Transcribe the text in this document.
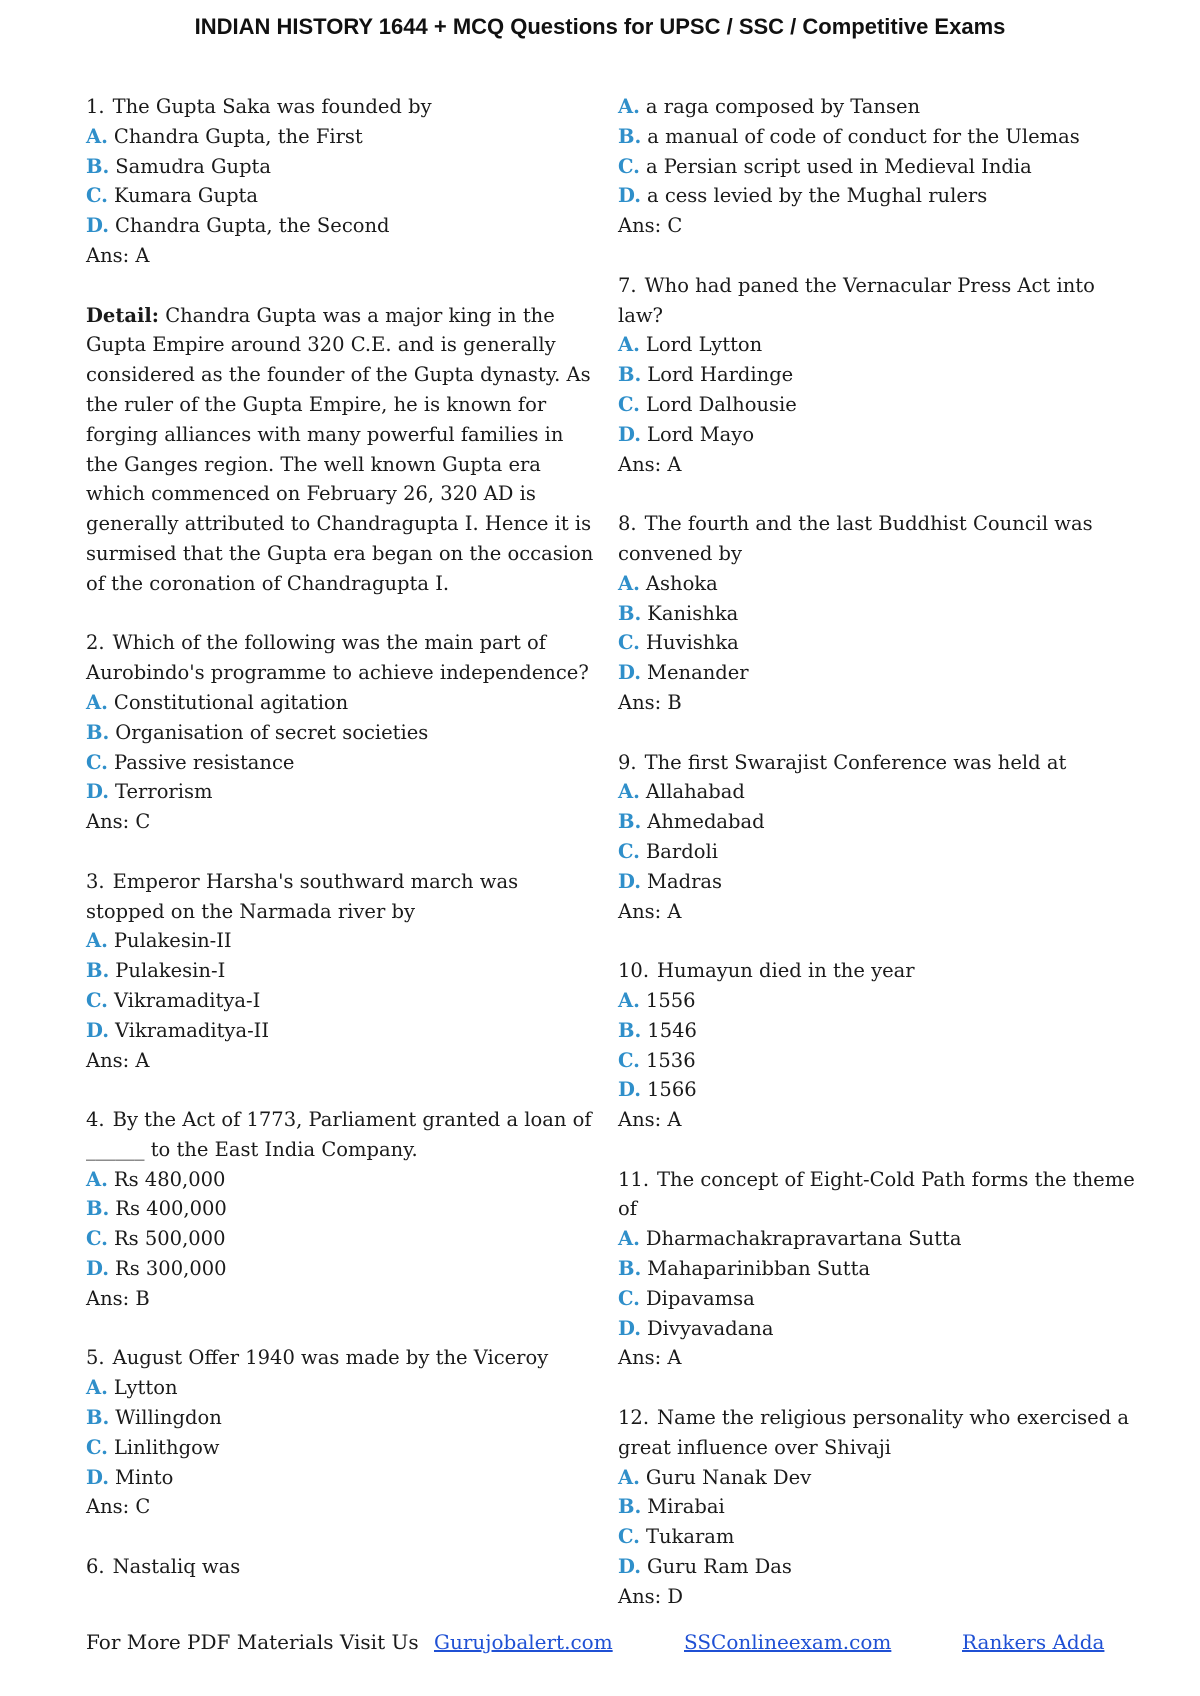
INDIAN HISTORY 1644 + MCQ Questions for UPSC / SSC / Competitive Exams
1. The Gupta Saka was founded by
A. Chandra Gupta, the First
B. Samudra Gupta
C. Kumara Gupta
D. Chandra Gupta, the Second
Ans: A
Detail: Chandra Gupta was a major king in the Gupta Empire around 320 C.E. and is generally considered as the founder of the Gupta dynasty. As the ruler of the Gupta Empire, he is known for forging alliances with many powerful families in the Ganges region. The well known Gupta era which commenced on February 26, 320 AD is generally attributed to Chandragupta I. Hence it is surmised that the Gupta era began on the occasion of the coronation of Chandragupta I.
2. Which of the following was the main part of Aurobindo's programme to achieve independence?
A. Constitutional agitation
B. Organisation of secret societies
C. Passive resistance
D. Terrorism
Ans: C
3. Emperor Harsha's southward march was stopped on the Narmada river by
A. Pulakesin-II
B. Pulakesin-I
C. Vikramaditya-I
D. Vikramaditya-II
Ans: A
4. By the Act of 1773, Parliament granted a loan of ______ to the East India Company.
A. Rs 480,000
B. Rs 400,000
C. Rs 500,000
D. Rs 300,000
Ans: B
5. August Offer 1940 was made by the Viceroy
A. Lytton
B. Willingdon
C. Linlithgow
D. Minto
Ans: C
6. Nastaliq was
A. a raga composed by Tansen
B. a manual of code of conduct for the Ulemas
C. a Persian script used in Medieval India
D. a cess levied by the Mughal rulers
Ans: C
7. Who had paned the Vernacular Press Act into law?
A. Lord Lytton
B. Lord Hardinge
C. Lord Dalhousie
D. Lord Mayo
Ans: A
8. The fourth and the last Buddhist Council was convened by
A. Ashoka
B. Kanishka
C. Huvishka
D. Menander
Ans: B
9. The first Swarajist Conference was held at
A. Allahabad
B. Ahmedabad
C. Bardoli
D. Madras
Ans: A
10. Humayun died in the year
A. 1556
B. 1546
C. 1536
D. 1566
Ans: A
11. The concept of Eight-Cold Path forms the theme of
A. Dharmachakrapravartana Sutta
B. Mahaparinibban Sutta
C. Dipavamsa
D. Divyavadana
Ans: A
12. Name the religious personality who exercised a great influence over Shivaji
A. Guru Nanak Dev
B. Mirabai
C. Tukaram
D. Guru Ram Das
Ans: D
For More PDF Materials Visit Us Gurujobalert.com	SSConlineexam.com	Rankers Adda
